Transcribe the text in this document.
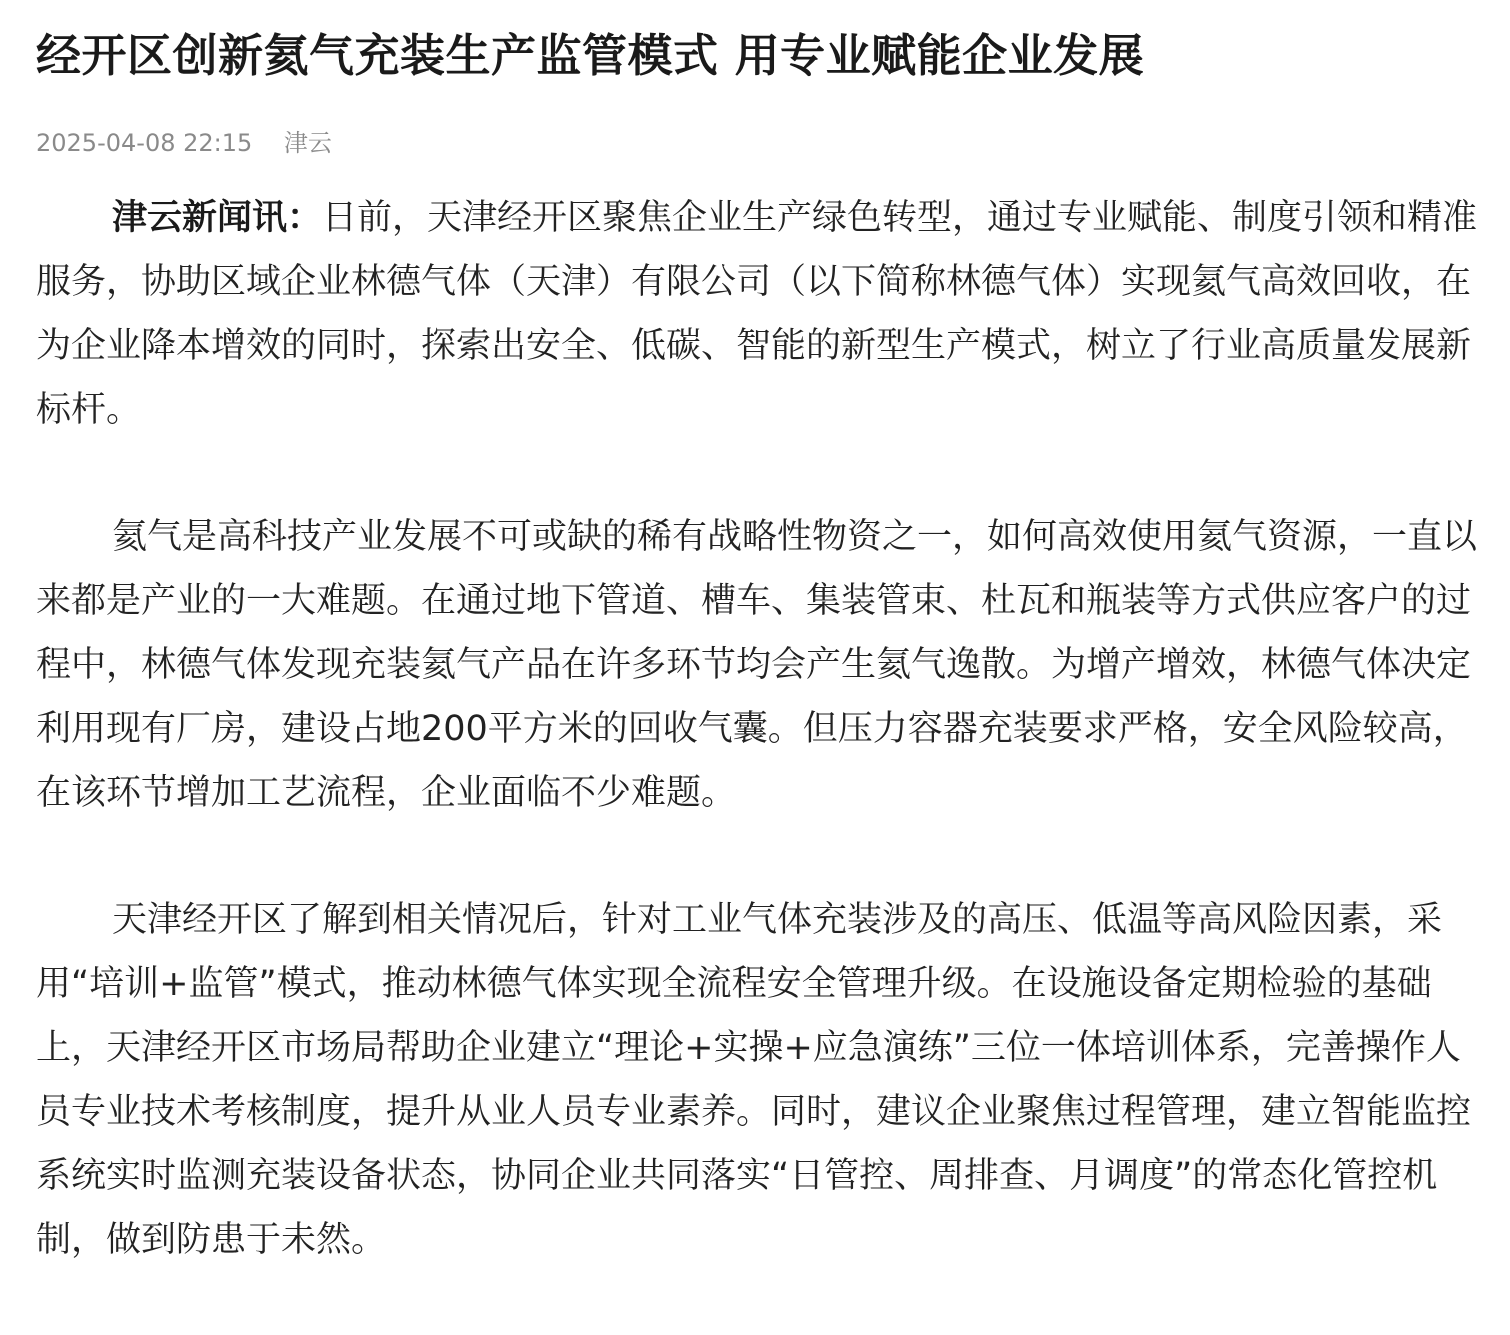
经开区创新氦气充装生产监管模式 用专业赋能企业发展
2025-04-08 22:15 津云

津云新闻讯：日前，天津经开区聚焦企业生产绿色转型，通过专业赋能、制度引领和精准服务，协助区域企业林德气体（天津）有限公司（以下简称林德气体）实现氦气高效回收，在为企业降本增效的同时，探索出安全、低碳、智能的新型生产模式，树立了行业高质量发展新标杆。

氦气是高科技产业发展不可或缺的稀有战略性物资之一，如何高效使用氦气资源，一直以来都是产业的一大难题。在通过地下管道、槽车、集装管束、杜瓦和瓶装等方式供应客户的过程中，林德气体发现充装氦气产品在许多环节均会产生氦气逸散。为增产增效，林德气体决定利用现有厂房，建设占地200平方米的回收气囊。但压力容器充装要求严格，安全风险较高，在该环节增加工艺流程，企业面临不少难题。

天津经开区了解到相关情况后，针对工业气体充装涉及的高压、低温等高风险因素，采用“培训+监管”模式，推动林德气体实现全流程安全管理升级。在设施设备定期检验的基础上，天津经开区市场局帮助企业建立“理论+实操+应急演练”三位一体培训体系，完善操作人员专业技术考核制度，提升从业人员专业素养。同时，建议企业聚焦过程管理，建立智能监控系统实时监测充装设备状态，协同企业共同落实“日管控、周排查、月调度”的常态化管控机制，做到防患于未然。
